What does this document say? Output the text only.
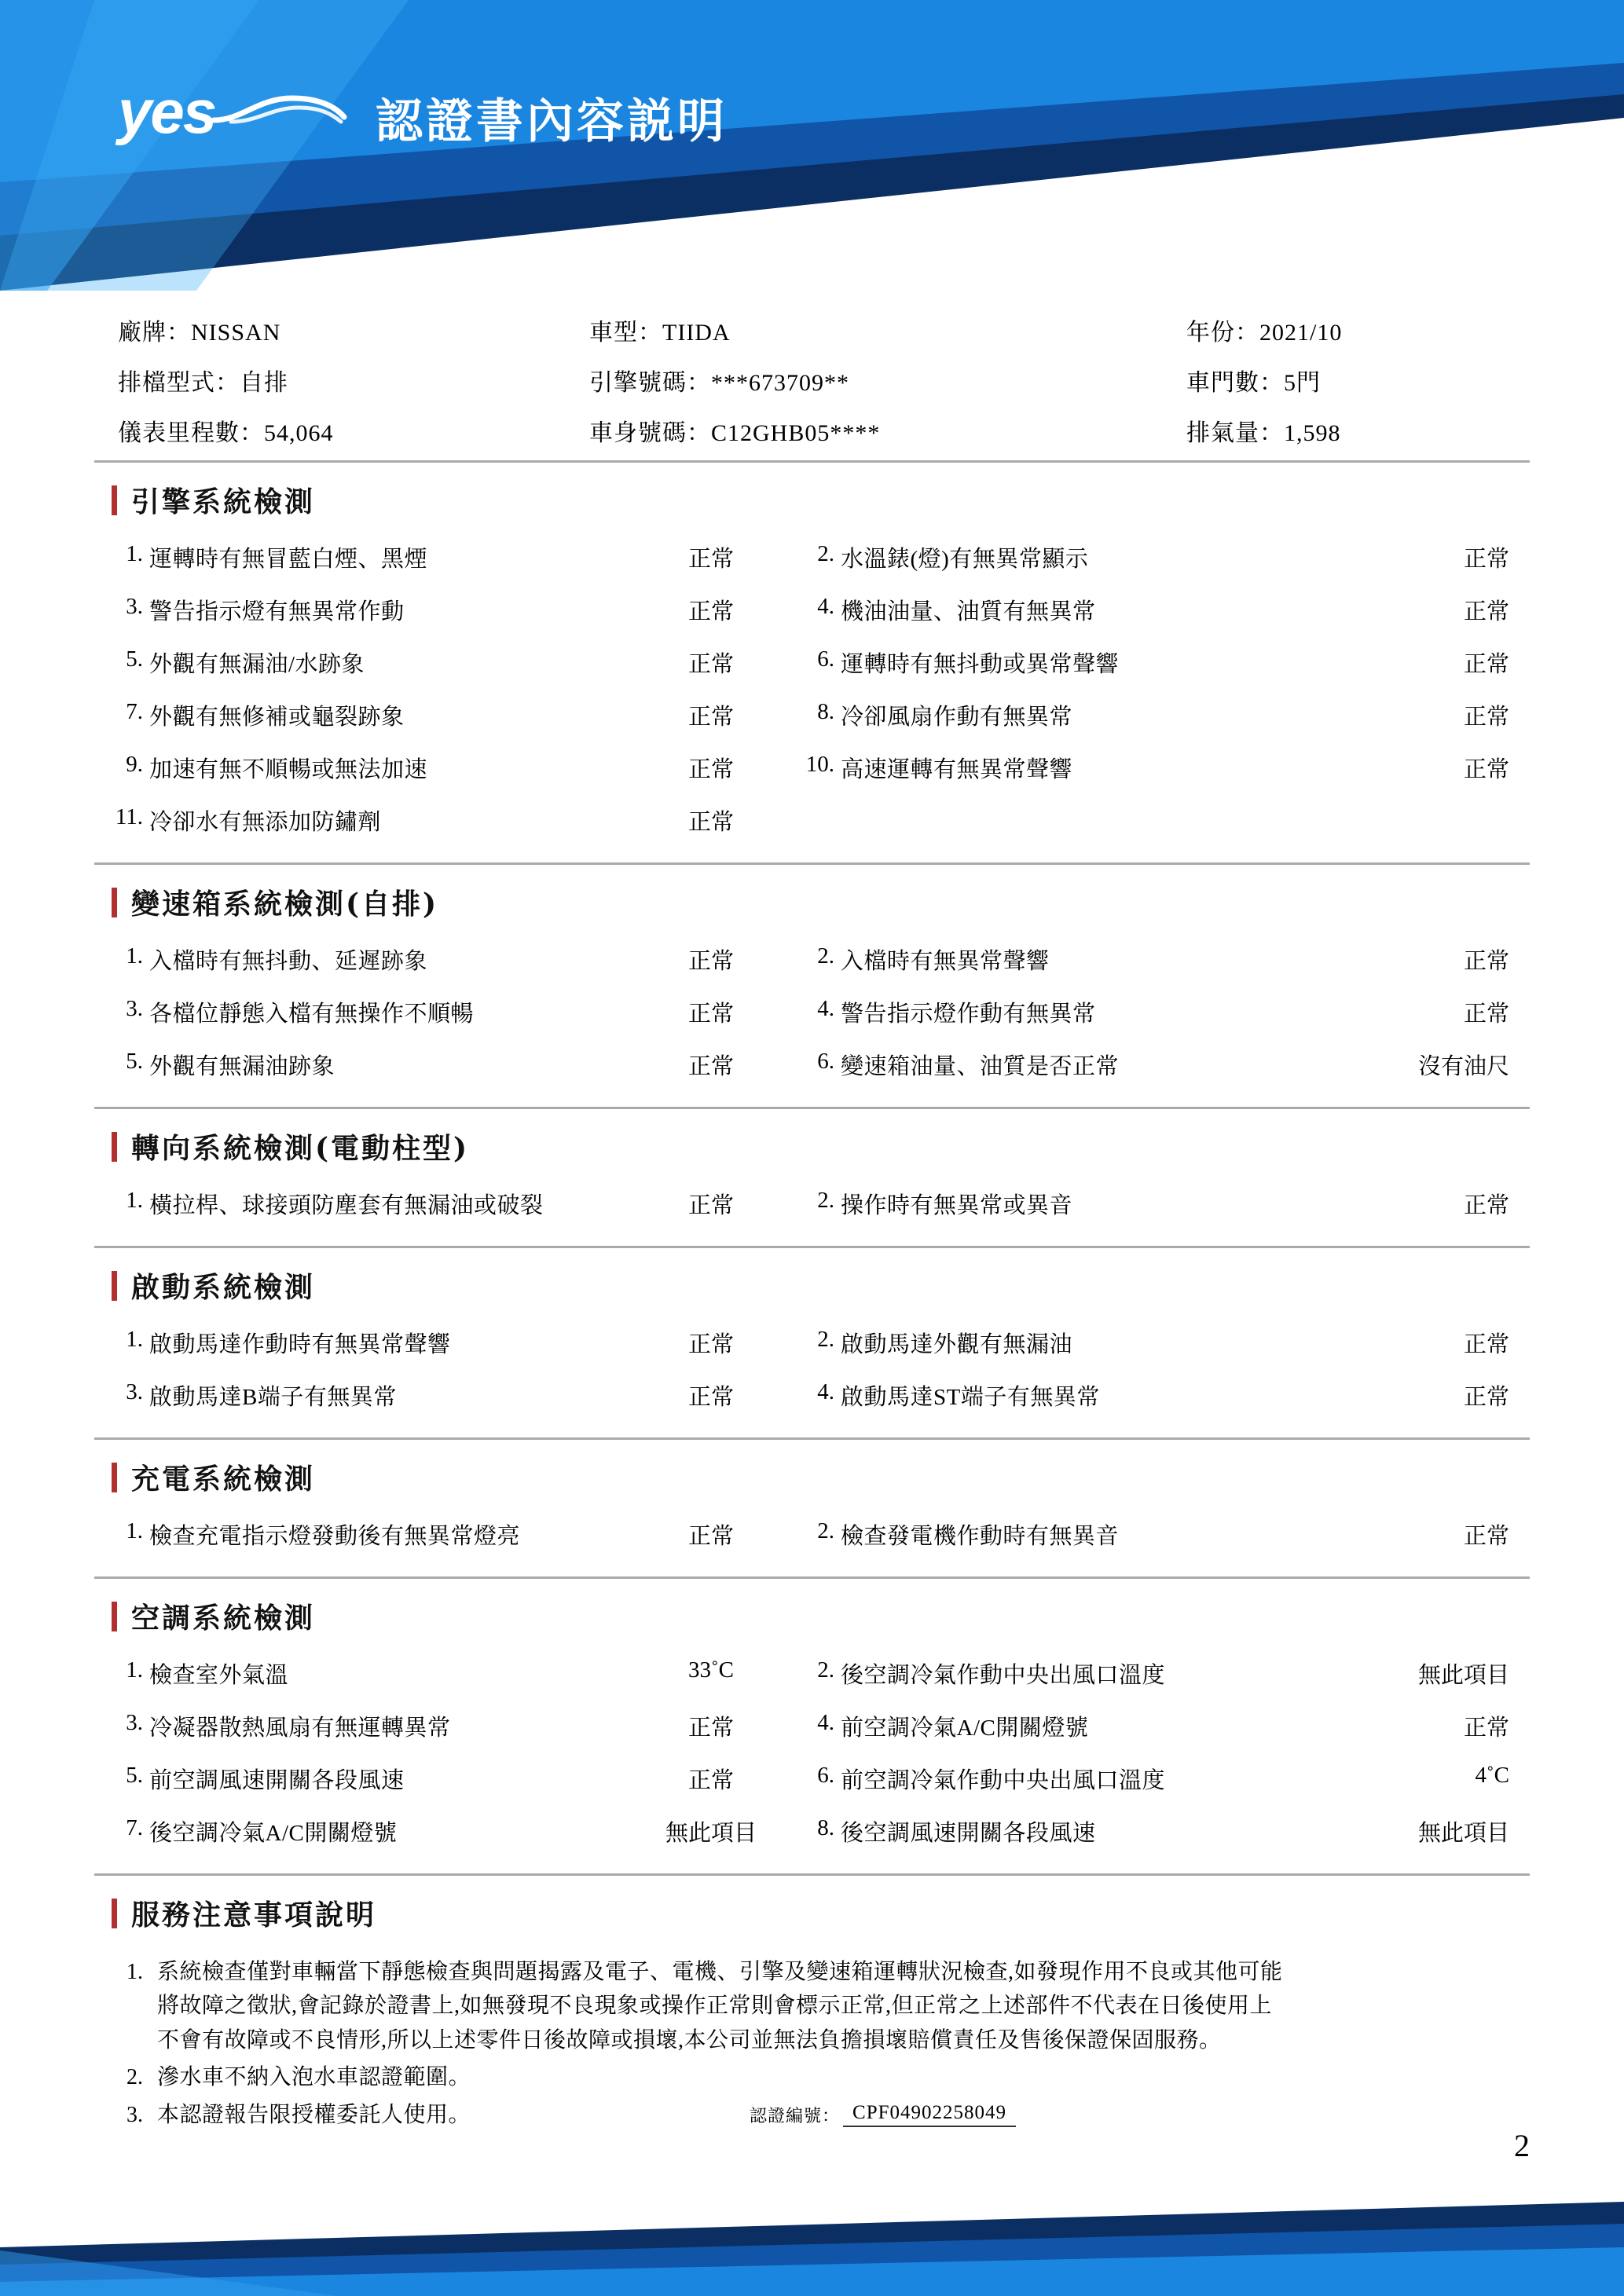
yes	認證書內容説明
廠牌：NISSAN	車型：TIIDA	年份：2021/10
排檔型式：自排	引擎號碼：***673709**	車門數：5門
儀表里程數：54,064	車身號碼：C12GHB05****	排氣量：1,598
引擎系統檢測
1. 運轉時有無冒藍白煙、黑煙	正常	2. 水溫錶(燈)有無異常顯示	正常
3. 警告指示燈有無異常作動	正常	4. 機油油量、油質有無異常	正常
5. 外觀有無漏油/水跡象	正常	6. 運轉時有無抖動或異常聲響	正常
7. 外觀有無修補或龜裂跡象	正常	8. 冷卻風扇作動有無異常	正常
9. 加速有無不順暢或無法加速	正常	10. 高速運轉有無異常聲響	正常
11. 冷卻水有無添加防鏽劑	正常
變速箱系統檢測(自排)
1. 入檔時有無抖動、延遲跡象	正常	2. 入檔時有無異常聲響	正常
3. 各檔位靜態入檔有無操作不順暢	正常	4. 警告指示燈作動有無異常	正常
5. 外觀有無漏油跡象	正常	6. 變速箱油量、油質是否正常	沒有油尺
轉向系統檢測(電動柱型)
1. 橫拉桿、球接頭防塵套有無漏油或破裂	正常	2. 操作時有無異常或異音	正常
啟動系統檢測
1. 啟動馬達作動時有無異常聲響	正常	2. 啟動馬達外觀有無漏油	正常
3. 啟動馬達B端子有無異常	正常	4. 啟動馬達ST端子有無異常	正常
充電系統檢測
1. 檢查充電指示燈發動後有無異常燈亮	正常	2. 檢查發電機作動時有無異音	正常
空調系統檢測
1. 檢查室外氣溫	33˚C	2. 後空調冷氣作動中央出風口溫度	無此項目
3. 冷凝器散熱風扇有無運轉異常	正常	4. 前空調冷氣A/C開關燈號	正常
5. 前空調風速開關各段風速	正常	6. 前空調冷氣作動中央出風口溫度	4˚C
7. 後空調冷氣A/C開關燈號	無此項目	8. 後空調風速開關各段風速	無此項目
服務注意事項說明
1. 系統檢查僅對車輛當下靜態檢查與問題揭露及電子、電機、引擎及變速箱運轉狀況檢查,如發現作用不良或其他可能

將故障之徵狀,會記錄於證書上,如無發現不良現象或操作正常則會標示正常,但正常之上述部件不代表在日後使用上

不會有故障或不良情形,所以上述零件日後故障或損壞,本公司並無法負擔損壞賠償責任及售後保證保固服務。

2. 滲水車不納入泡水車認證範圍。

3. 本認證報告限授權委託人使用。	認證編號： CPF04902258049
2
